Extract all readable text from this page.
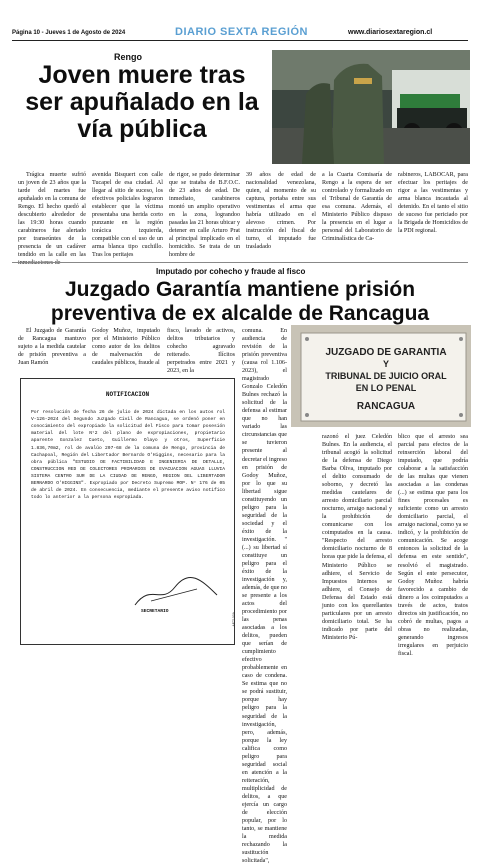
Página 10 - Jueves 1 de Agosto de 2024	DIARIO SEXTA REGIÓN	www.diariosextaregion.cl
Rengo
Joven muere tras ser apuñalado en la vía pública
Trágica muerte sufrió un joven de 23 años que la tarde del martes fue apuñalado en la comuna de Rengo. El hecho quedó al descubierto alrededor de las 19:30 horas cuando carabineros fue alertado por transeúntes de la presencia de un cadáver tendido en la calle en las inmediaciones de
avenida Bisquert con calle Tucapel de esa ciudad. Al llegar al sitio de suceso, los efectivos policiales lograron establecer que la víctima presentaba una herida corto punzante en la región torácica izquierda, compatible con el uso de un arma blanca tipo cuchillo. Tras los peritajes
de rigor, se pudo determinar que se trataba de B.F.O.C. de 23 años de edad. De inmediato, carabineros montó un amplio operativo en la zona, lograndoo pasadas las 21 horas ubicar y detener en calle Arturo Prat al principal implicado en el homicidio. Se trata de un hombre de
39 años de edad de nacionalidad venezolana, quien, al momento de su captura, portaba entre sus vestimentas el arma que habría utilizado en el alevoso crimen. Por instrucción del fiscal de turno, el imputado fue trasladado
a la Cuarta Comisaría de Rengo a la espera de ser controlado y formalizado en el Tribunal de Garantía de esa comuna. Además, el Ministerio Público dispuso la presencia en el lugar a personal del Laboratorio de Criminalística de Ca-
rabineros, LABOCAR, para efectuar los peritajes de rigor a las vestimentas y arma blanca incautada al detenido. En el tanto el sitio de suceso fue periciado por la Brigada de Homicidios de la PDI regional.
Imputado por cohecho y fraude al fisco
Juzgado Garantía mantiene prisión preventiva de ex alcalde de Rancagua
El Juzgado de Garantía de Rancagua mantuvo sujeto a la medida cautelar de prisión preventiva a Juan Ramón
Godoy Muñoz, imputado por el Ministerio Público como autor de los delitos de malversación de caudales públicos, fraude al
fisco, lavado de activos, delitos tributarios y cohecho agravado reiterado. Ilícitos perpetrados entre 2021 y 2023, en la
comuna. En audiencia de revisión de la prisión preventiva (causa rol 1.106-2023), el magistrado Gonzalo Celedón Bulnes rechazó la solicitud de la defensa al estimar que no han variado las circunstancias que se tuvieron presente al decretar el ingreso en prisión de Godoy Muñoz, por lo que su libertad sigue constituyendo un peligro para la seguridad de la sociedad y el éxito de la investigación. "(...) su libertad sí constituye un peligro para el éxito de la investigación y, además, de que no se presente a los actos del procedimiento por las penas asociadas a los delitos, pueden que serían de cumplimiento efectivo probablemente en caso de condena. Se estima que no se podrá sustituir, porque hay peligro para la seguridad de la investigación, pero, además, porque la ley califica como peligro para seguridad social en atención a la reiteración, multiplicidad de delitos, a que ejercía un cargo de elección popular, por lo tanto, se mantiene la medida rechazando la sustitución solicitada",
JUZGADO DE GARANTIA
Y
TRIBUNAL DE JUICIO ORAL
EN LO PENAL
RANCAGUA
razonó el juez Celedón Bulnes. En la audiencia, el tribunal acogió la solicitud de la defensa de Diego Barba Oliva, imputado por el delito consumado de soborno, y decretó las medidas cautelares de arresto domiciliario parcial nocturno, arraigo nacional y la prohibición de comunicarse con los coimputados en la causa. "Respecto del arresto domiciliario nocturno de 8 horas que pide la defensa, el Ministerio Público se adhiere, el Servicio de Impuestos Internos se adhiere, el Consejo de Defensa del Estado está junto con los querellantes particulares por un arresto domiciliario total. Se ha indicado por parte del Ministerio Pú-
blico que el arresto sea parcial para efectos de la reinserción laboral del imputado, que podría colaborar a la satisfacción de las multas que vienen asociadas a las condenas (...) se estima que para los fines procesales es suficiente como un arresto domiciliario parcial, el arraigo nacional, como ya se indicó, y la prohibición de comunicación. Se acoge entonces la solicitud de la defensa en este sentido", resolvió el magistrado. Según el ente persecutor, Godoy Muñoz habría favorecido a cambio de dinero a los coimputados a través de actos, tratos directos sin justificación, no cobró de multas, pagos a obras no realizadas, generando ingresos irregulares en perjuicio fiscal.
NOTIFICACION
Por resolución de fecha 26 de julio de 2024 dictada en los autos rol V-126-2024 del Segundo Juzgado Civil de Rancagua, se ordenó poner en conocimiento del expropiado la solicitud del Fisco para tomar posesión material del lote N°2 del plano de expropiaciones, propietario aparente Gonzalez Cueto, Guillermo Olayo y otros, Superficie 1.836,70m2, rol de avalúo 207-68 de la comuna de Rengo, provincia de Cachapoal, Región del Libertador Bernardo O'Higgins, necesario para la obra pública "ESTUDIO DE FACTIBILIDAD E INGENIERIA DE DETALLE, CONSTRUCCION RED DE COLECTORES PRIMARIOS DE EVACUACION AGUAS LLUVIA SISTEMA CENTRO SUR DE LA CIUDAD DE RENGO, REGION DEL LIBERTADOR BERNARDO O'HIGGINS". Expropiado por Decreto Supremo MOP. N° 176 de 05 de abril de 2024. En consecuencia, mediante el presente aviso notifico todo lo anterior a la persona expropiada.
SECRETARIO
AF7100A
